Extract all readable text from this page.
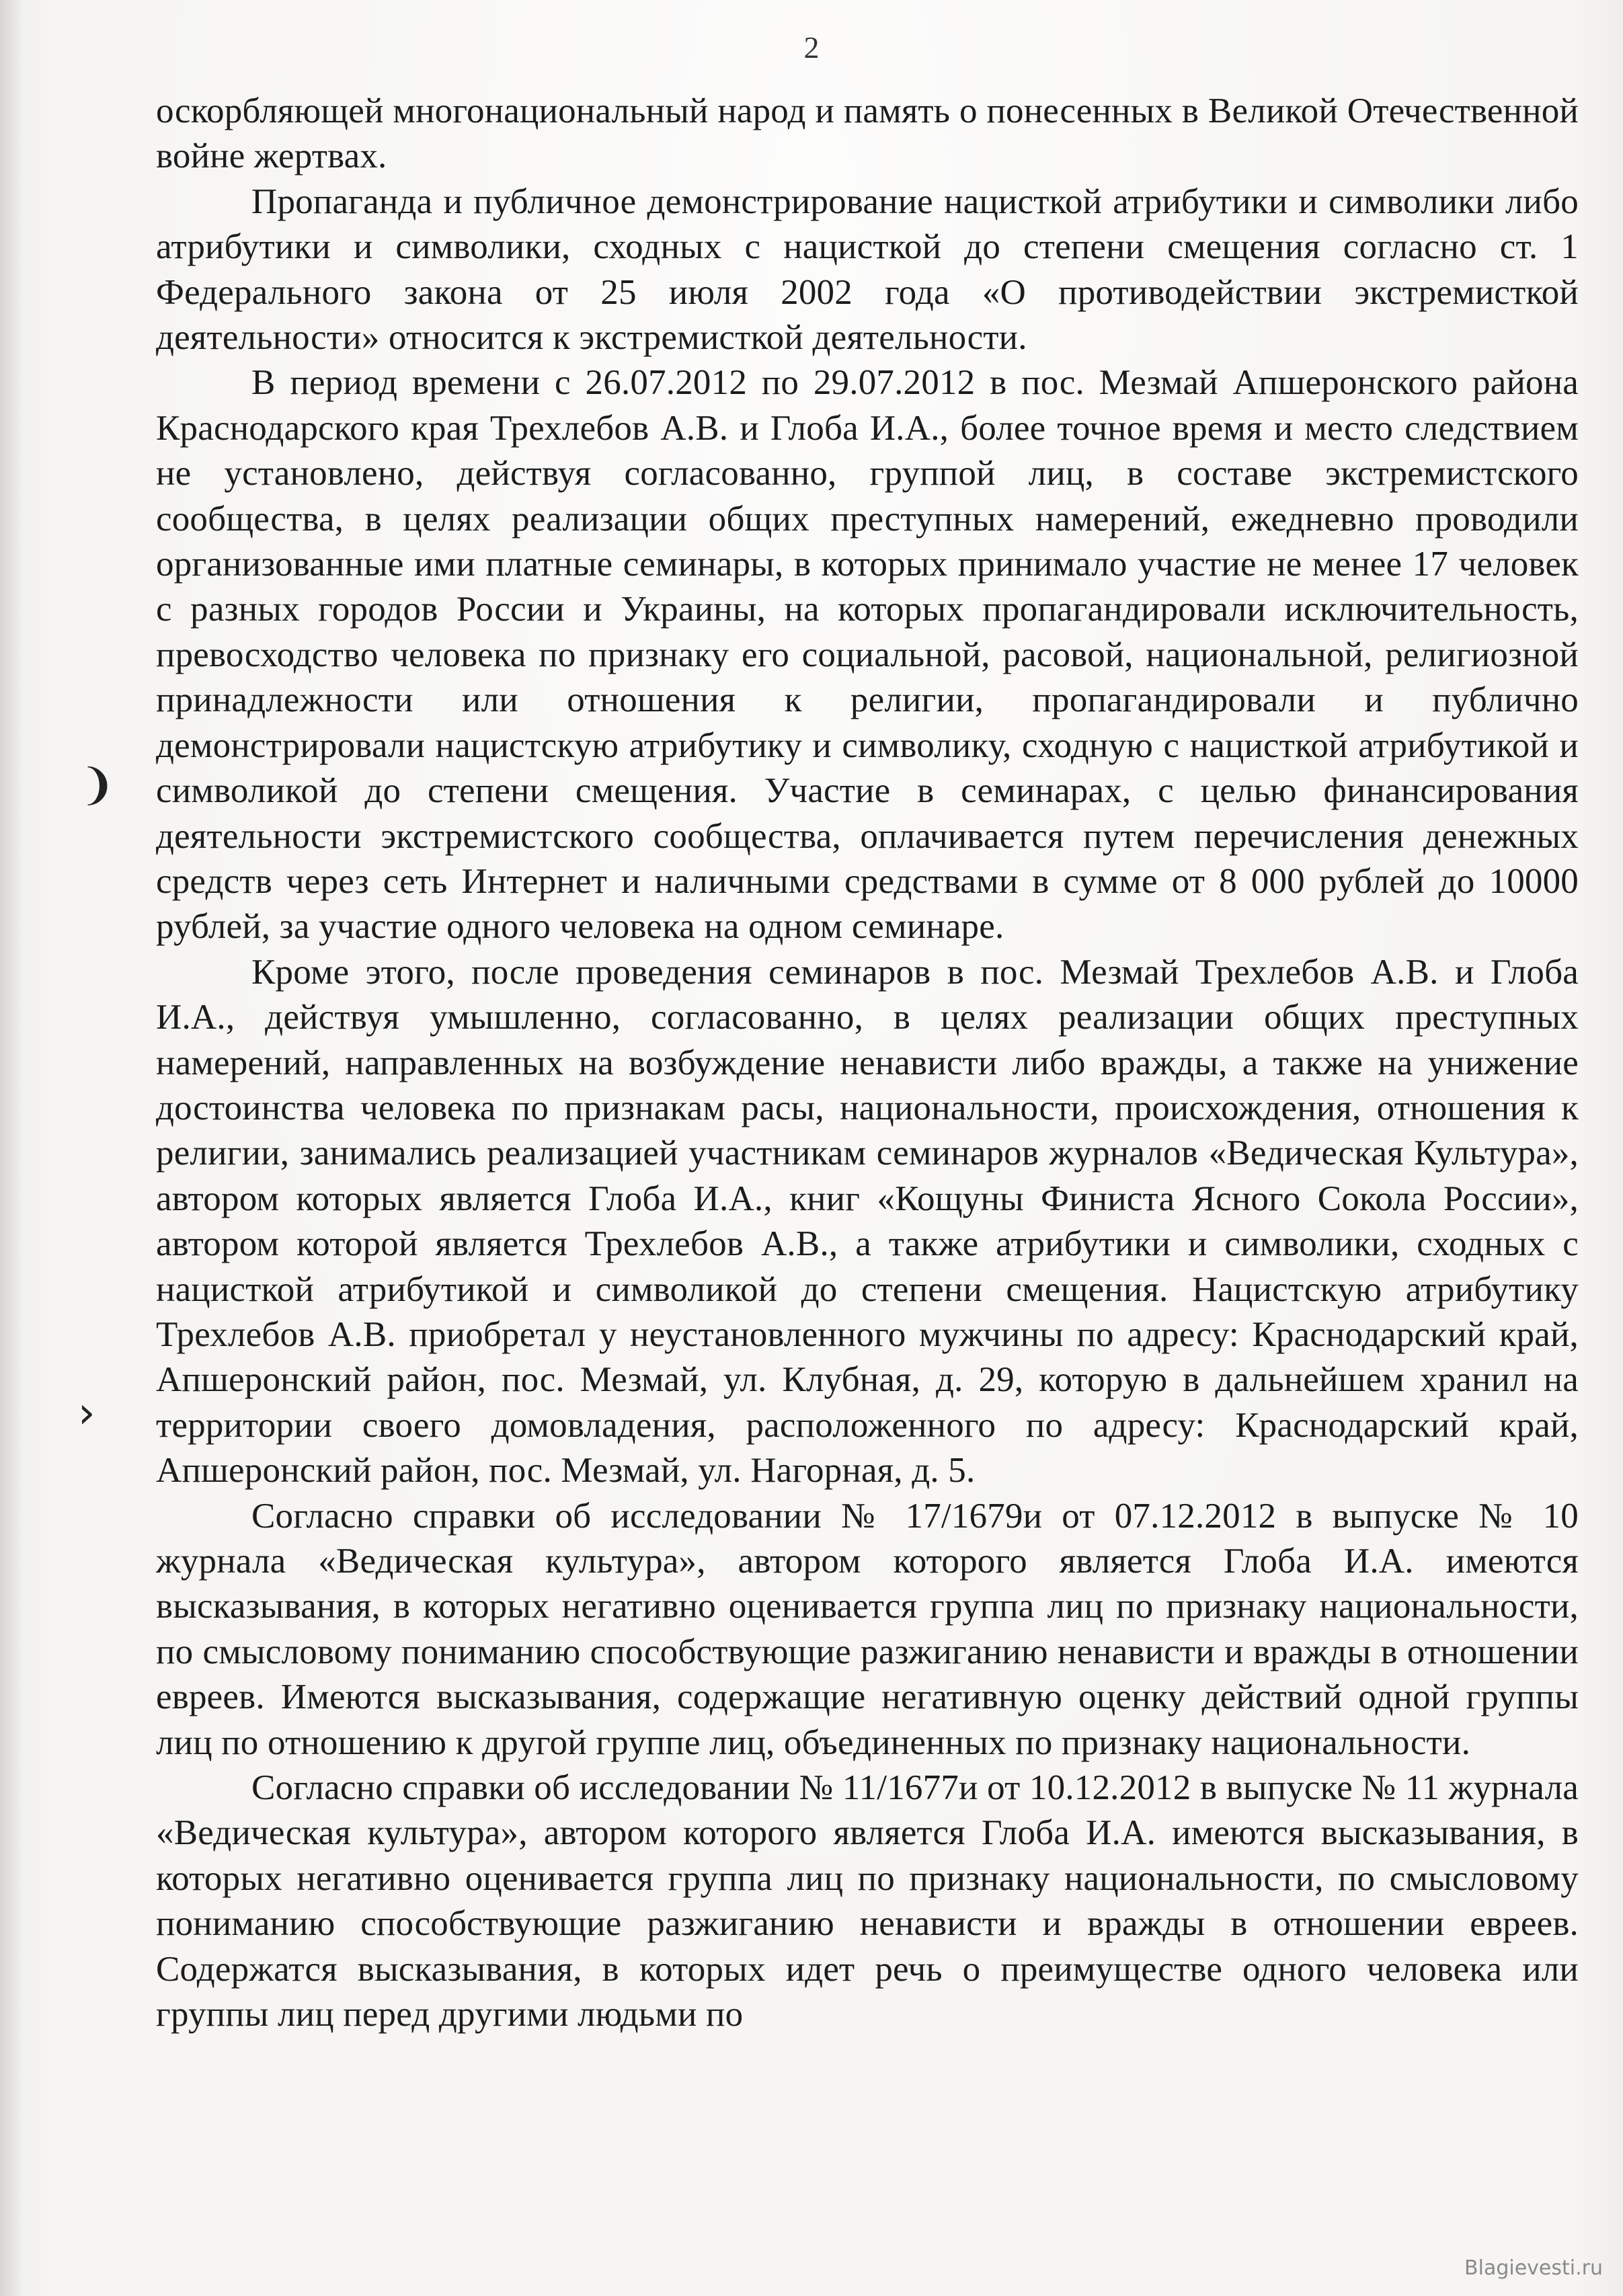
2

оскорбляющей многонациональный народ и память о понесенных в Великой Отечественной войне жертвах.

Пропаганда и публичное демонстрирование нацисткой атрибутики и символики либо атрибутики и символики, сходных с нацисткой до степени смещения согласно ст. 1 Федерального закона от 25 июля 2002 года «О противодействии экстремисткой деятельности» относится к экстремисткой деятельности.

В период времени с 26.07.2012 по 29.07.2012 в пос. Мезмай Апшеронского района Краснодарского края Трехлебов А.В. и Глоба И.А., более точное время и место следствием не установлено, действуя согласованно, группой лиц, в составе экстремистского сообщества, в целях реализации общих преступных намерений, ежедневно проводили организованные ими платные семинары, в которых принимало участие не менее 17 человек с разных городов России и Украины, на которых пропагандировали исключительность, превосходство человека по признаку его социальной, расовой, национальной, религиозной принадлежности или отношения к религии, пропагандировали и публично демонстрировали нацистскую атрибутику и символику, сходную с нацисткой атрибутикой и символикой до степени смещения. Участие в семинарах, с целью финансирования деятельности экстремистского сообщества, оплачивается путем перечисления денежных средств через сеть Интернет и наличными средствами в сумме от 8 000 рублей до 10000 рублей, за участие одного человека на одном семинаре.

Кроме этого, после проведения семинаров в пос. Мезмай Трехлебов А.В. и Глоба И.А., действуя умышленно, согласованно, в целях реализации общих преступных намерений, направленных на возбуждение ненависти либо вражды, а также на унижение достоинства человека по признакам расы, национальности, происхождения, отношения к религии, занимались реализацией участникам семинаров журналов «Ведическая Культура», автором которых является Глоба И.А., книг «Кощуны Финиста Ясного Сокола России», автором которой является Трехлебов А.В., а также атрибутики и символики, сходных с нацисткой атрибутикой и символикой до степени смещения. Нацистскую атрибутику Трехлебов А.В. приобретал у неустановленного мужчины по адресу: Краснодарский край, Апшеронский район, пос. Мезмай, ул. Клубная, д. 29, которую в дальнейшем хранил на территории своего домовладения, расположенного по адресу: Краснодарский край, Апшеронский район, пос. Мезмай, ул. Нагорная, д. 5.

Согласно справки об исследовании № 17/1679и от 07.12.2012 в выпуске № 10 журнала «Ведическая культура», автором которого является Глоба И.А. имеются высказывания, в которых негативно оценивается группа лиц по признаку национальности, по смысловому пониманию способствующие разжиганию ненависти и вражды в отношении евреев. Имеются высказывания, содержащие негативную оценку действий одной группы лиц по отношению к другой группе лиц, объединенных по признаку национальности.

Согласно справки об исследовании № 11/1677и от 10.12.2012 в выпуске № 11 журнала «Ведическая культура», автором которого является Глоба И.А. имеются высказывания, в которых негативно оценивается группа лиц по признаку национальности, по смысловому пониманию способствующие разжиганию ненависти и вражды в отношении евреев. Содержатся высказывания, в которых идет речь о преимуществе одного человека или группы лиц перед другими людьми по

❩
›
Blagievesti.ru
